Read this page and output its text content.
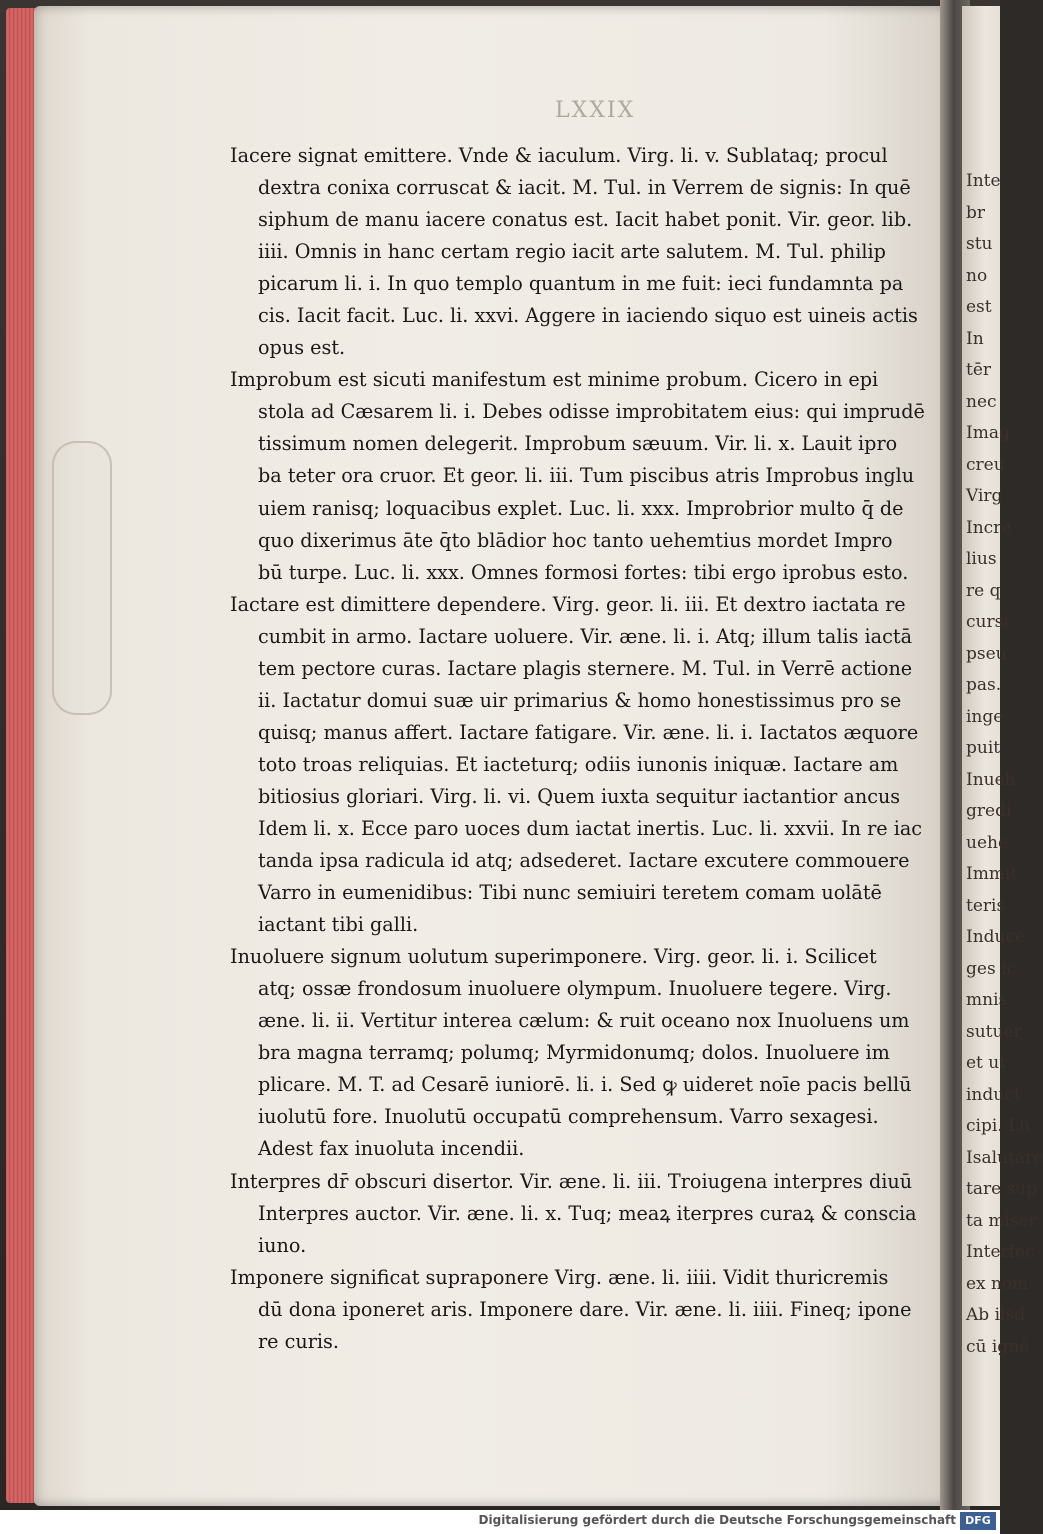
Inte
br
stu
no
est
In
tēr
nec
Imag
creu
Virg
Incre
lius
re q
cursi
pseu
pas.
inge
puit
Inueh
gredi
uehe
Immit
teris
Induce
ges ic
mnis
sutuer
et ut
induct
cipi. Lu
Isalutare
tare sup
ta miser
Interfec
ex nom
Ab iisd
cū ignē
LXXIX
Iacere signat emittere. Vnde & iaculum. Virg. li. v. Sublataq; procul
dextra conixa corruscat & iacit. M. Tul. in Verrem de signis: In quē
siphum de manu iacere conatus est. Iacit habet ponit. Vir. geor. lib.
iiii. Omnis in hanc certam regio iacit arte salutem. M. Tul. philip
picarum li. i. In quo templo quantum in me fuit: ieci fundamnta pa
cis. Iacit facit. Luc. li. xxvi. Aggere in iaciendo siquo est uineis actis
opus est.
Improbum est sicuti manifestum est minime probum. Cicero in epi
stola ad Cæsarem li. i. Debes odisse improbitatem eius: qui imprudē
tissimum nomen delegerit. Improbum sæuum. Vir. li. x. Lauit ipro
ba teter ora cruor. Et geor. li. iii. Tum piscibus atris Improbus inglu
uiem ranisq; loquacibus explet. Luc. li. xxx. Improbrior multo q̄ de
quo dixerimus āte q̄to blādior hoc tanto uehemtius mordet Impro
bū turpe. Luc. li. xxx. Omnes formosi fortes: tibi ergo iprobus esto.
Iactare est dimittere dependere. Virg. geor. li. iii. Et dextro iactata re
cumbit in armo. Iactare uoluere. Vir. æne. li. i. Atq; illum talis iactā
tem pectore curas. Iactare plagis sternere. M. Tul. in Verrē actione
ii. Iactatur domui suæ uir primarius & homo honestissimus pro se
quisq; manus affert. Iactare fatigare. Vir. æne. li. i. Iactatos æquore
toto troas reliquias. Et iacteturq; odiis iunonis iniquæ. Iactare am
bitiosius gloriari. Virg. li. vi. Quem iuxta sequitur iactantior ancus
Idem li. x. Ecce paro uoces dum iactat inertis. Luc. li. xxvii. In re iac
tanda ipsa radicula id atq; adsederet. Iactare excutere commouere
Varro in eumenidibus: Tibi nunc semiuiri teretem comam uolātē
iactant tibi galli.
Inuoluere signum uolutum superimponere. Virg. geor. li. i. Scilicet
atq; ossæ frondosum inuoluere olympum. Inuoluere tegere. Virg.
æne. li. ii. Vertitur interea cælum: & ruit oceano nox Inuoluens um
bra magna terramq; polumq; Myrmidonumq; dolos. Inuoluere im
plicare. M. T. ad Cesarē iuniorē. li. i. Sed ꝙ uideret noīe pacis bellū
iuolutū fore. Inuolutū occupatū comprehensum. Varro sexagesi.
Adest fax inuoluta incendii.
Interpres dr̄ obscuri disertor. Vir. æne. li. iii. Troiugena interpres diuū
Interpres auctor. Vir. æne. li. x. Tuq; meaꝝ iterpres curaꝝ & conscia
iuno.
Imponere significat supraponere Virg. æne. li. iiii. Vidit thuricremis
dū dona iponeret aris. Imponere dare. Vir. æne. li. iiii. Fineq; ipone
re curis.
Digitalisierung gefördert durch die Deutsche Forschungsgemeinschaft DFG
